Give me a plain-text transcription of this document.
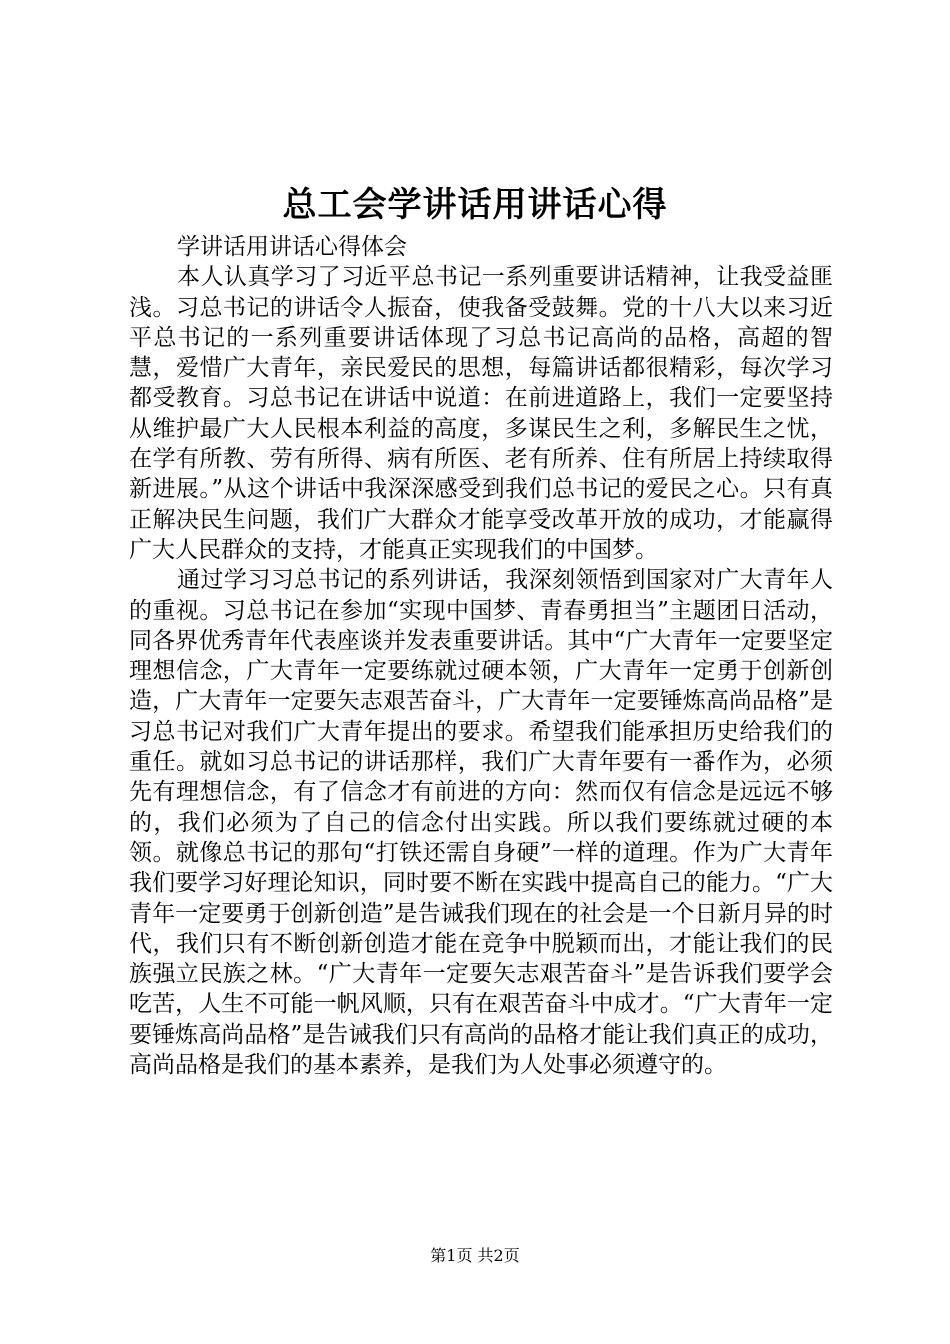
总工会学讲话用讲话心得

学讲话用讲话心得体会

本人认真学习了习近平总书记一系列重要讲话精神，让我受益匪浅。习总书记的讲话令人振奋，使我备受鼓舞。党的十八大以来习近平总书记的一系列重要讲话体现了习总书记高尚的品格，高超的智慧，爱惜广大青年，亲民爱民的思想，每篇讲话都很精彩，每次学习都受教育。习总书记在讲话中说道：在前进道路上，我们一定要坚持从维护最广大人民根本利益的高度，多谋民生之利，多解民生之忧，在学有所教、劳有所得、病有所医、老有所养、住有所居上持续取得新进展。”从这个讲话中我深深感受到我们总书记的爱民之心。只有真正解决民生问题，我们广大群众才能享受改革开放的成功，才能赢得广大人民群众的支持，才能真正实现我们的中国梦。

通过学习习总书记的系列讲话，我深刻领悟到国家对广大青年人的重视。习总书记在参加“实现中国梦、青春勇担当”主题团日活动，同各界优秀青年代表座谈并发表重要讲话。其中“广大青年一定要坚定理想信念，广大青年一定要练就过硬本领，广大青年一定勇于创新创造，广大青年一定要矢志艰苦奋斗，广大青年一定要锤炼高尚品格”是习总书记对我们广大青年提出的要求。希望我们能承担历史给我们的重任。就如习总书记的讲话那样，我们广大青年要有一番作为，必须先有理想信念，有了信念才有前进的方向：然而仅有信念是远远不够的，我们必须为了自己的信念付出实践。所以我们要练就过硬的本领。就像总书记的那句“打铁还需自身硬”一样的道理。作为广大青年我们要学习好理论知识，同时要不断在实践中提高自己的能力。“广大青年一定要勇于创新创造”是告诫我们现在的社会是一个日新月异的时代，我们只有不断创新创造才能在竞争中脱颖而出，才能让我们的民族强立民族之林。“广大青年一定要矢志艰苦奋斗”是告诉我们要学会吃苦，人生不可能一帆风顺，只有在艰苦奋斗中成才。“广大青年一定要锤炼高尚品格”是告诫我们只有高尚的品格才能让我们真正的成功，高尚品格是我们的基本素养，是我们为人处事必须遵守的。

第1页 共2页
